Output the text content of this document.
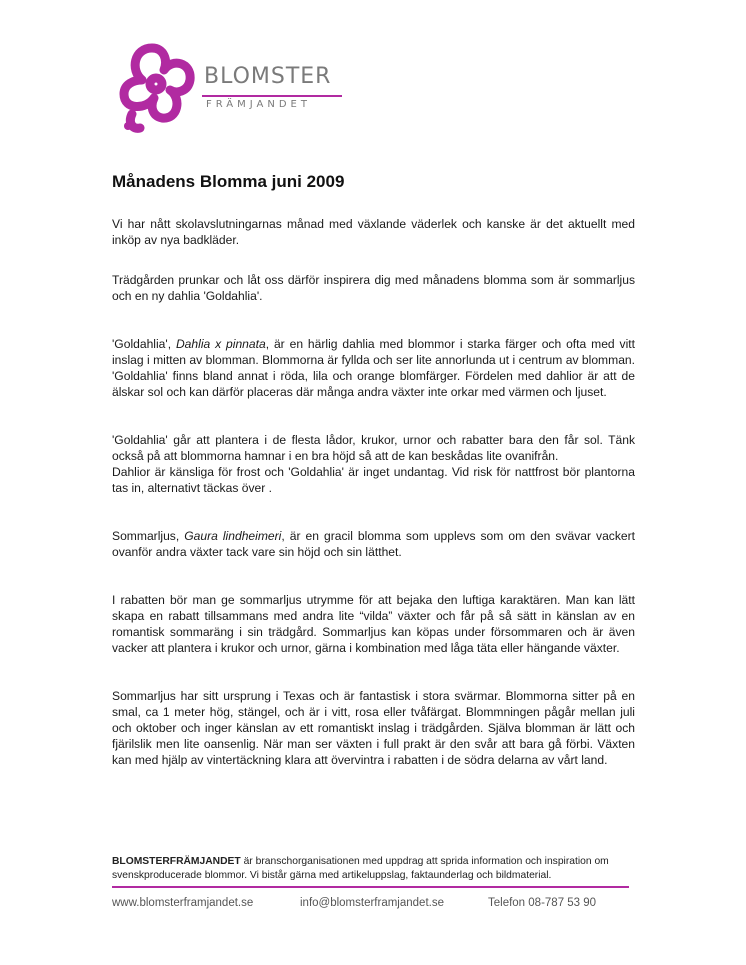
BLOMSTER
FRÄMJANDET
Månadens Blomma juni 2009

Vi har nått skolavslutningarnas månad med växlande väderlek och kanske är det aktuellt med inköp av nya badkläder.

Trädgården prunkar och låt oss därför inspirera dig med månadens blomma som är sommarljus och en ny dahlia 'Goldahlia'.

'Goldahlia', Dahlia x pinnata, är en härlig dahlia med blommor i starka färger och ofta med vitt inslag i mitten av blomman. Blommorna är fyllda och ser lite annorlunda ut i centrum av blomman. 'Goldahlia' finns bland annat i röda, lila och orange blomfärger. Fördelen med dahlior är att de älskar sol och kan därför placeras där många andra växter inte orkar med värmen och ljuset.

'Goldahlia' går att plantera i de flesta lådor, krukor, urnor och rabatter bara den får sol. Tänk också på att blommorna hamnar i en bra höjd så att de kan beskådas lite ovanifrån.

Dahlior är känsliga för frost och 'Goldahlia' är inget undantag. Vid risk för nattfrost bör plantorna tas in, alternativt täckas över .

Sommarljus, Gaura lindheimeri, är en gracil blomma som upplevs som om den svävar vackert ovanför andra växter tack vare sin höjd och sin lätthet.

I rabatten bör man ge sommarljus utrymme för att bejaka den luftiga karaktären. Man kan lätt skapa en rabatt tillsammans med andra lite “vilda” växter och får på så sätt in känslan av en romantisk sommaräng i sin trädgård. Sommarljus kan köpas under försommaren och är även vacker att plantera i krukor och urnor, gärna i kombination med låga täta eller hängande växter.

Sommarljus har sitt ursprung i Texas och är fantastisk i stora svärmar. Blommorna sitter på en smal, ca 1 meter hög, stängel, och är i vitt, rosa eller tvåfärgat. Blommningen pågår mellan juli och oktober och inger känslan av ett romantiskt inslag i trädgården. Själva blomman är lätt och fjärilslik men lite oansenlig. När man ser växten i full prakt är den svår att bara gå förbi. Växten kan med hjälp av vintertäckning klara att övervintra i rabatten i de södra delarna av vårt land.

BLOMSTERFRÄMJANDET är branschorganisationen med uppdrag att sprida information och inspiration om svenskproducerade blommor. Vi bistår gärna med artikeluppslag, faktaunderlag och bildmaterial.
www.blomsterframjandet.se	info@blomsterframjandet.se	Telefon 08-787 53 90
